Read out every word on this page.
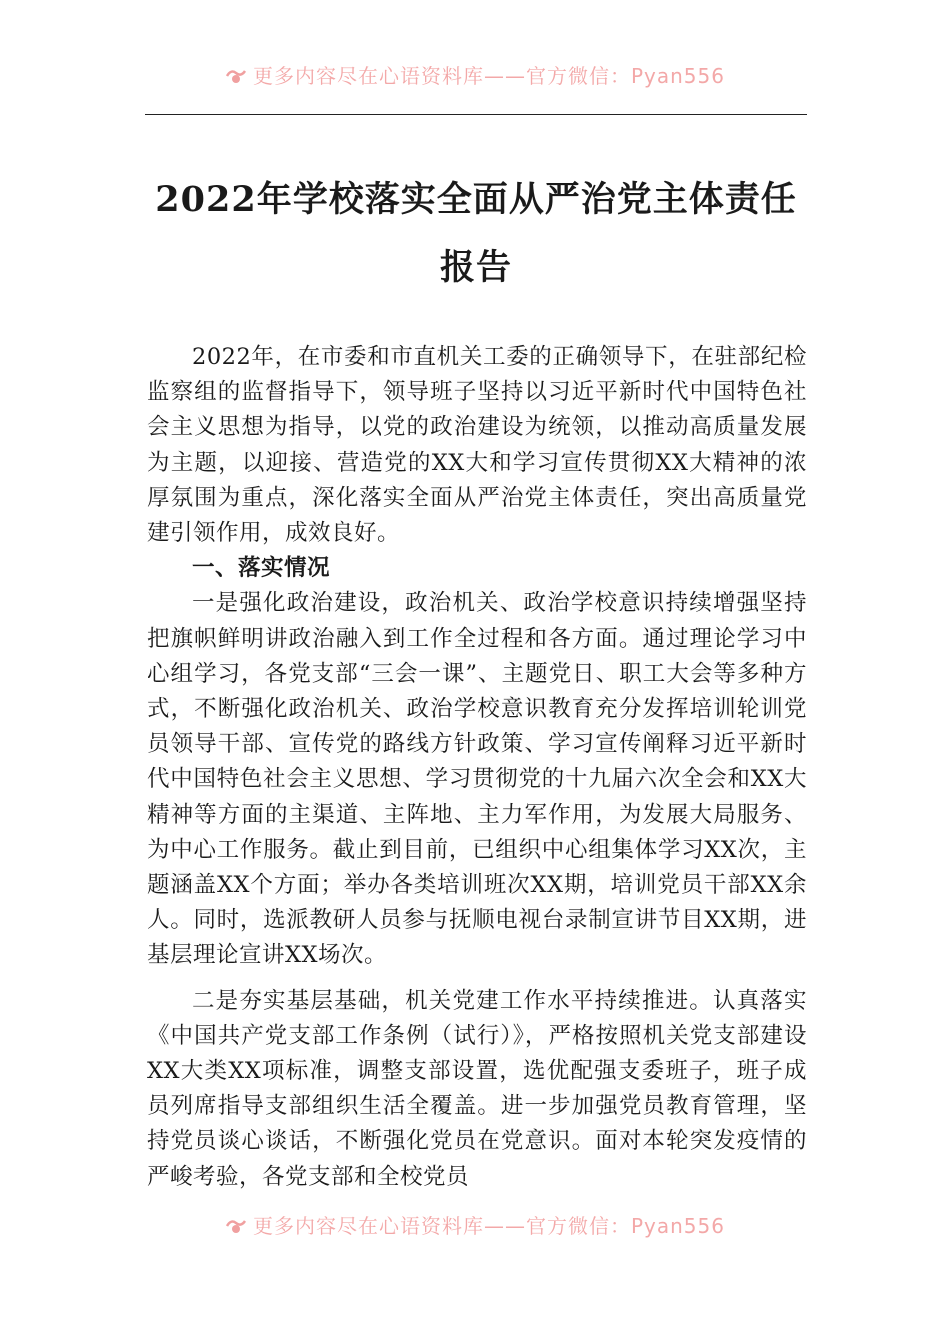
更多内容尽在心语资料库——官方微信：Pyan556
2022年学校落实全面从严治党主体责任报告

2022年，在市委和市直机关工委的正确领导下，在驻部纪检监察组的监督指导下，领导班子坚持以习近平新时代中国特色社会主义思想为指导，以党的政治建设为统领，以推动高质量发展为主题，以迎接、营造党的XX大和学习宣传贯彻XX大精神的浓厚氛围为重点，深化落实全面从严治党主体责任，突出高质量党建引领作用，成效良好。

一、落实情况

一是强化政治建设，政治机关、政治学校意识持续增强坚持把旗帜鲜明讲政治融入到工作全过程和各方面。通过理论学习中心组学习，各党支部“三会一课”、主题党日、职工大会等多种方式，不断强化政治机关、政治学校意识教育充分发挥培训轮训党员领导干部、宣传党的路线方针政策、学习宣传阐释习近平新时代中国特色社会主义思想、学习贯彻党的十九届六次全会和XX大精神等方面的主渠道、主阵地、主力军作用，为发展大局服务、为中心工作服务。截止到目前，已组织中心组集体学习XX次，主题涵盖XX个方面；举办各类培训班次XX期，培训党员干部XX余人。同时，选派教研人员参与抚顺电视台录制宣讲节目XX期，进基层理论宣讲XX场次。

二是夯实基层基础，机关党建工作水平持续推进。认真落实《中国共产党支部工作条例（试行）》，严格按照机关党支部建设XX大类XX项标准，调整支部设置，选优配强支委班子，班子成员列席指导支部组织生活全覆盖。进一步加强党员教育管理，坚持党员谈心谈话，不断强化党员在党意识。面对本轮突发疫情的严峻考验，各党支部和全校党员

更多内容尽在心语资料库——官方微信：Pyan556
